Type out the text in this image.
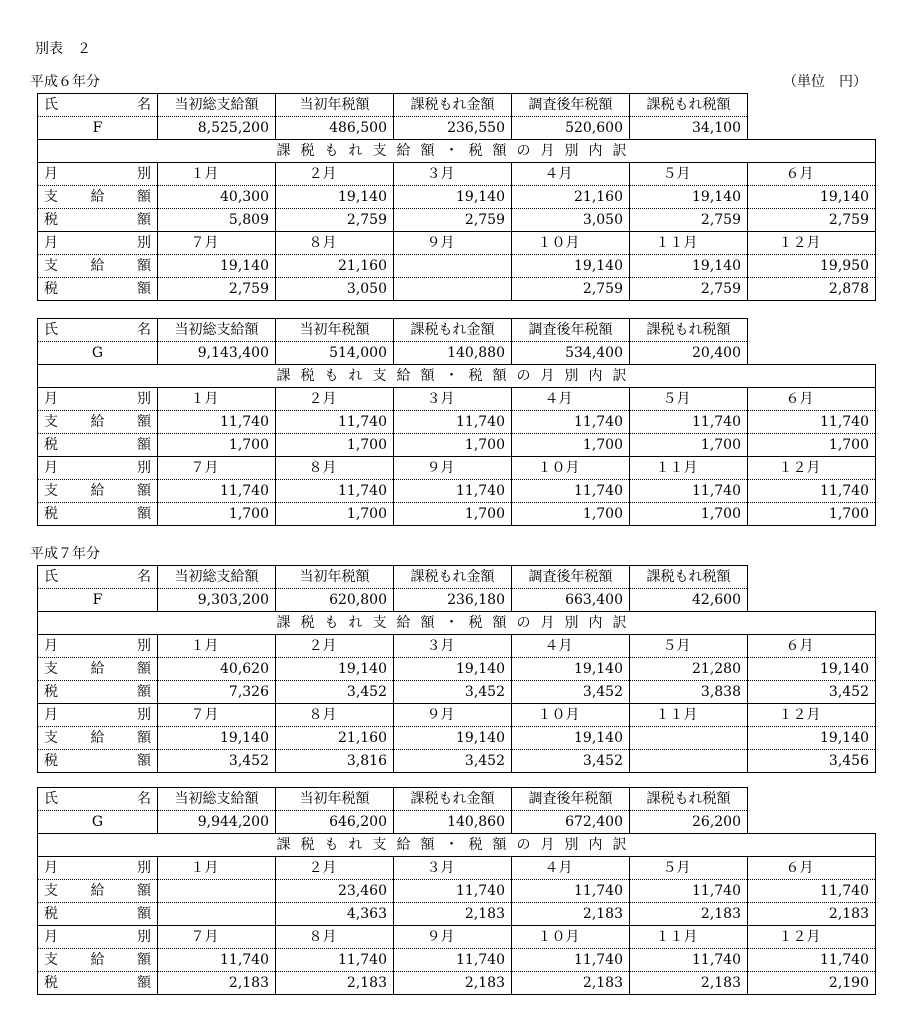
別表　２
（単位　円）
平成６年分
平成７年分
氏　　　名	当初総支給額	当初年税額	課税もれ金額	調査後年税額	課税もれ税額	
F	8,525,200	486,500	236,550	520,600	34,100	
課税もれ支給額・税額の月別内訳						
月　　　別	１月	２月	３月	４月	５月	６月
支　給　額	40,300	19,140	19,140	21,160	19,140	19,140
税　　　額	5,809	2,759	2,759	3,050	2,759	2,759
月　　　別	７月	８月	９月	１０月	１１月	１２月
支　給　額	19,140	21,160		19,140	19,140	19,950
税　　　額	2,759	3,050		2,759	2,759	2,878
氏　　　名	当初総支給額	当初年税額	課税もれ金額	調査後年税額	課税もれ税額	
G	9,143,400	514,000	140,880	534,400	20,400	
課税もれ支給額・税額の月別内訳						
月　　　別	１月	２月	３月	４月	５月	６月
支　給　額	11,740	11,740	11,740	11,740	11,740	11,740
税　　　額	1,700	1,700	1,700	1,700	1,700	1,700
月　　　別	７月	８月	９月	１０月	１１月	１２月
支　給　額	11,740	11,740	11,740	11,740	11,740	11,740
税　　　額	1,700	1,700	1,700	1,700	1,700	1,700
氏　　　名	当初総支給額	当初年税額	課税もれ金額	調査後年税額	課税もれ税額	
F	9,303,200	620,800	236,180	663,400	42,600	
課税もれ支給額・税額の月別内訳						
月　　　別	１月	２月	３月	４月	５月	６月
支　給　額	40,620	19,140	19,140	19,140	21,280	19,140
税　　　額	7,326	3,452	3,452	3,452	3,838	3,452
月　　　別	７月	８月	９月	１０月	１１月	１２月
支　給　額	19,140	21,160	19,140	19,140		19,140
税　　　額	3,452	3,816	3,452	3,452		3,456
氏　　　名	当初総支給額	当初年税額	課税もれ金額	調査後年税額	課税もれ税額	
G	9,944,200	646,200	140,860	672,400	26,200	
課税もれ支給額・税額の月別内訳						
月　　　別	１月	２月	３月	４月	５月	６月
支　給　額		23,460	11,740	11,740	11,740	11,740
税　　　額		4,363	2,183	2,183	2,183	2,183
月　　　別	７月	８月	９月	１０月	１１月	１２月
支　給　額	11,740	11,740	11,740	11,740	11,740	11,740
税　　　額	2,183	2,183	2,183	2,183	2,183	2,190
